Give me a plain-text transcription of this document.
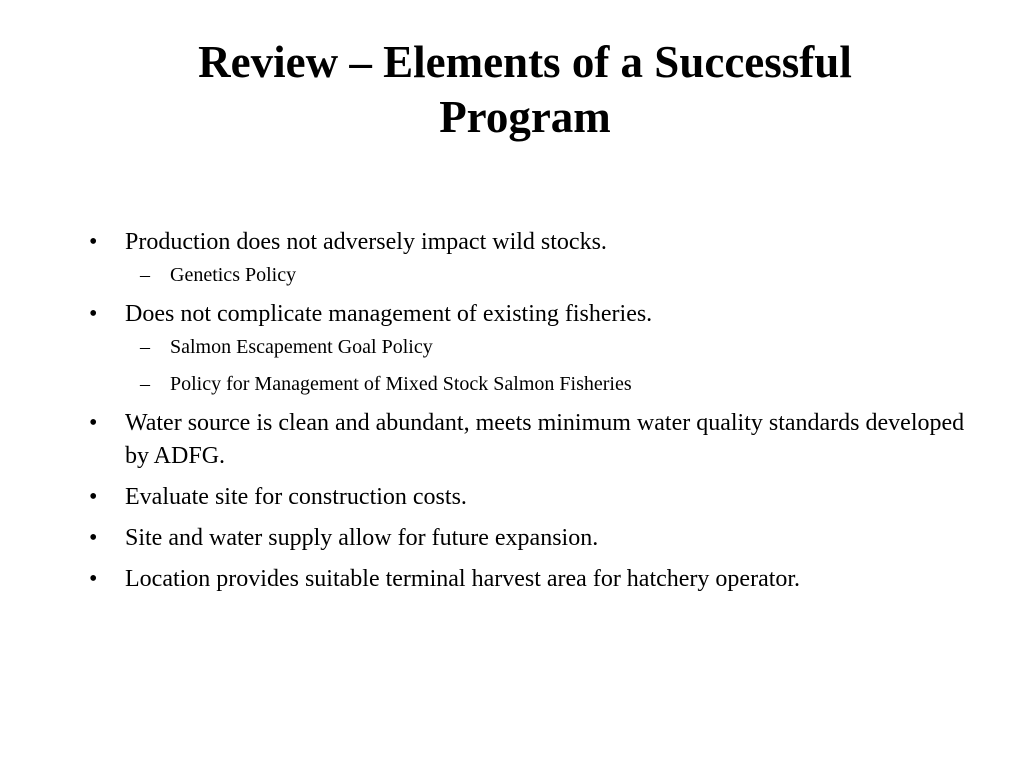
Review – Elements of a Successful
Program
• Production does not adversely impact wild stocks.
– Genetics Policy
• Does not complicate management of existing fisheries.
– Salmon Escapement Goal Policy
– Policy for Management of Mixed Stock Salmon Fisheries
• Water source is clean and abundant, meets minimum water quality standards developed by ADFG.
• Evaluate site for construction costs.
• Site and water supply allow for future expansion.
• Location provides suitable terminal harvest area for hatchery operator.
